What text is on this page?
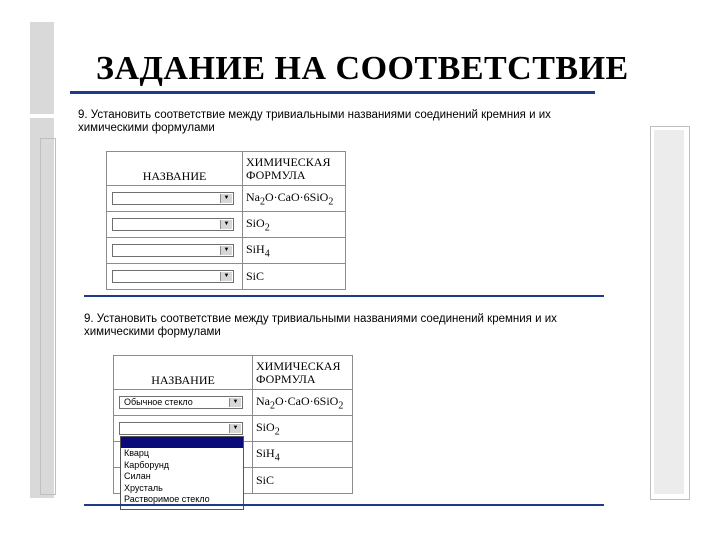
ЗАДАНИЕ НА СООТВЕТСТВИЕ

9. Установить соответствие между тривиальными названиями соединений кремния и их химическими формулами

НАЗВАНИЕ	ХИМИЧЕСКАЯ ФОРМУЛА

▼	$Na_2O\cdot CaO\cdot 6SiO_2$

▼	SiO$_2$

▼	SiH$_4$

▼	SiC

9. Установить соответствие между тривиальными названиями соединений кремния и их химическими формулами

НАЗВАНИЕ	ХИМИЧЕСКАЯ ФОРМУЛА
Обычное стекло ▼	$Na_2O\cdot CaO\cdot 6SiO_2$

▼	SiO$_2$
	SiH$_4$
	SiC
Кварц
Карборунд
Силан
Хрусталь
Растворимое стекло
